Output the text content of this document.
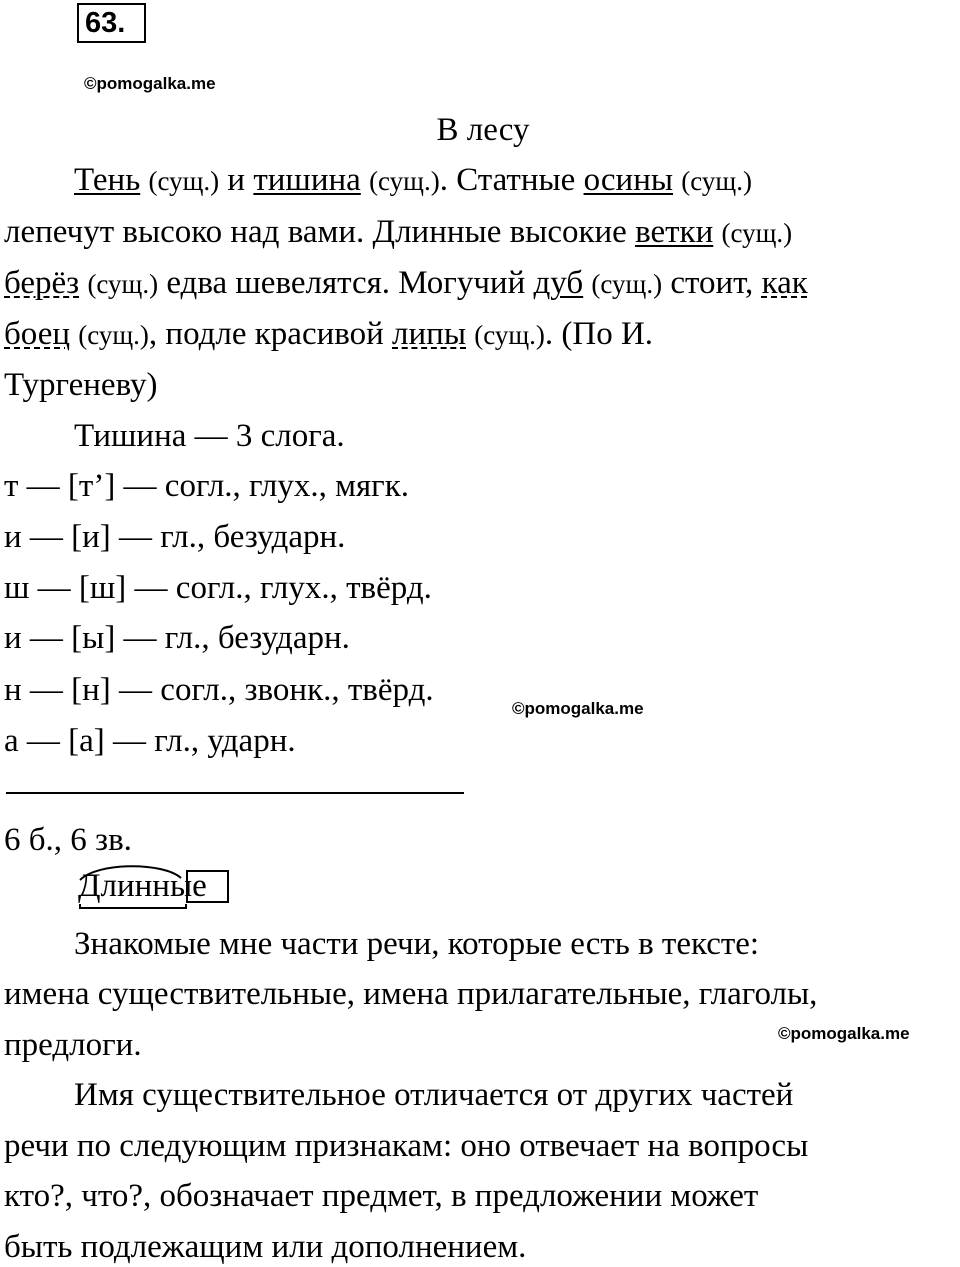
63.
©pomogalka.me
В лесу
Тень (сущ.) и тишина (сущ.). Статные осины (сущ.)
лепечут высоко над вами. Длинные высокие ветки (сущ.)
берёз (сущ.) едва шевелятся. Могучий дуб (сущ.) стоит, как
боец (сущ.), подле красивой липы (сущ.). (По И.
Тургеневу)
Тишина — 3 слога.
т — [т’] — согл., глух., мягк.
и — [и] — гл., безударн.
ш — [ш] — согл., глух., твёрд.
и — [ы] — гл., безударн.
н — [н] — согл., звонк., твёрд.
©pomogalka.me
а — [а] — гл., ударн.
6 б., 6 зв.
Длинные
Знакомые мне части речи, которые есть в тексте:
имена существительные, имена прилагательные, глаголы,
предлоги.	©pomogalka.me
Имя существительное отличается от других частей
речи по следующим признакам: оно отвечает на вопросы
кто?, что?, обозначает предмет, в предложении может
быть подлежащим или дополнением.
